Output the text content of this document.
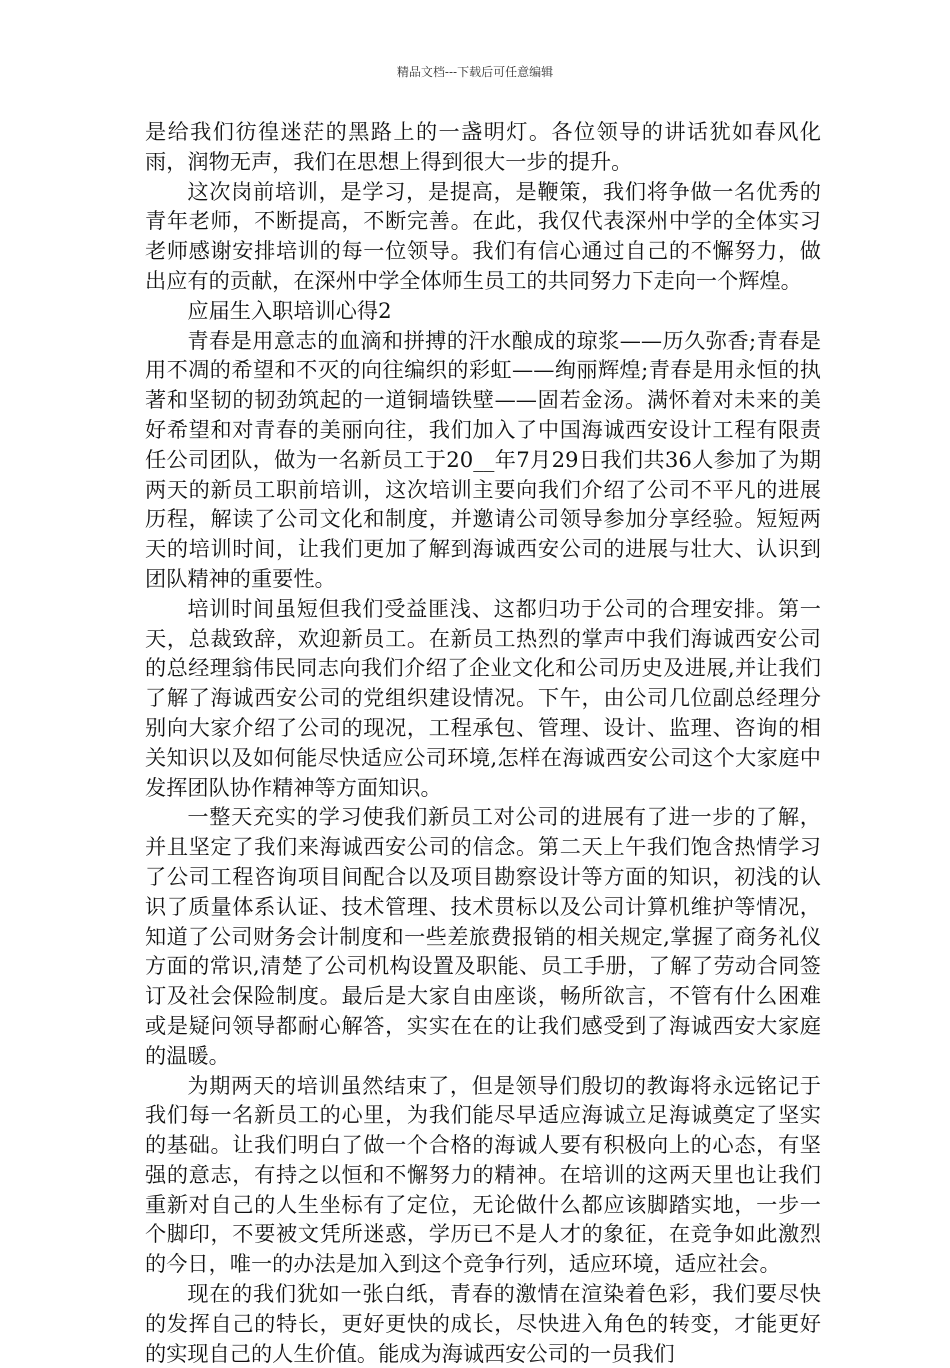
精品文档---下载后可任意编辑

是给我们彷徨迷茫的黑路上的一盏明灯。各位领导的讲话犹如春风化雨，润物无声，我们在思想上得到很大一步的提升。

这次岗前培训，是学习，是提高，是鞭策，我们将争做一名优秀的青年老师，不断提高，不断完善。在此，我仅代表深州中学的全体实习老师感谢安排培训的每一位领导。我们有信心通过自己的不懈努力，做出应有的贡献，在深州中学全体师生员工的共同努力下走向一个辉煌。

应届生入职培训心得2

青春是用意志的血滴和拼搏的汗水酿成的琼浆——历久弥香;青春是用不凋的希望和不灭的向往编织的彩虹——绚丽辉煌;青春是用永恒的执著和坚韧的韧劲筑起的一道铜墙铁壁——固若金汤。满怀着对未来的美好希望和对青春的美丽向往，我们加入了中国海诚西安设计工程有限责任公司团队，做为一名新员工于20__年7月29日我们共36人参加了为期两天的新员工职前培训，这次培训主要向我们介绍了公司不平凡的进展历程，解读了公司文化和制度，并邀请公司领导参加分享经验。短短两天的培训时间，让我们更加了解到海诚西安公司的进展与壮大、认识到团队精神的重要性。

培训时间虽短但我们受益匪浅、这都归功于公司的合理安排。第一天，总裁致辞，欢迎新员工。在新员工热烈的掌声中我们海诚西安公司的总经理翁伟民同志向我们介绍了企业文化和公司历史及进展,并让我们了解了海诚西安公司的党组织建设情况。下午，由公司几位副总经理分别向大家介绍了公司的现况，工程承包、管理、设计、监理、咨询的相关知识以及如何能尽快适应公司环境,怎样在海诚西安公司这个大家庭中发挥团队协作精神等方面知识。

一整天充实的学习使我们新员工对公司的进展有了进一步的了解，并且坚定了我们来海诚西安公司的信念。第二天上午我们饱含热情学习了公司工程咨询项目间配合以及项目勘察设计等方面的知识，初浅的认识了质量体系认证、技术管理、技术贯标以及公司计算机维护等情况，知道了公司财务会计制度和一些差旅费报销的相关规定,掌握了商务礼仪方面的常识,清楚了公司机构设置及职能、员工手册，了解了劳动合同签订及社会保险制度。最后是大家自由座谈，畅所欲言，不管有什么困难或是疑问领导都耐心解答，实实在在的让我们感受到了海诚西安大家庭的温暖。

为期两天的培训虽然结束了，但是领导们殷切的教诲将永远铭记于我们每一名新员工的心里，为我们能尽早适应海诚立足海诚奠定了坚实的基础。让我们明白了做一个合格的海诚人要有积极向上的心态，有坚强的意志，有持之以恒和不懈努力的精神。在培训的这两天里也让我们重新对自己的人生坐标有了定位，无论做什么都应该脚踏实地，一步一个脚印，不要被文凭所迷惑，学历已不是人才的象征，在竞争如此激烈的今日，唯一的办法是加入到这个竞争行列，适应环境，适应社会。

现在的我们犹如一张白纸，青春的激情在渲染着色彩，我们要尽快的发挥自己的特长，更好更快的成长，尽快进入角色的转变，才能更好的实现自己的人生价值。能成为海诚西安公司的一员我们
